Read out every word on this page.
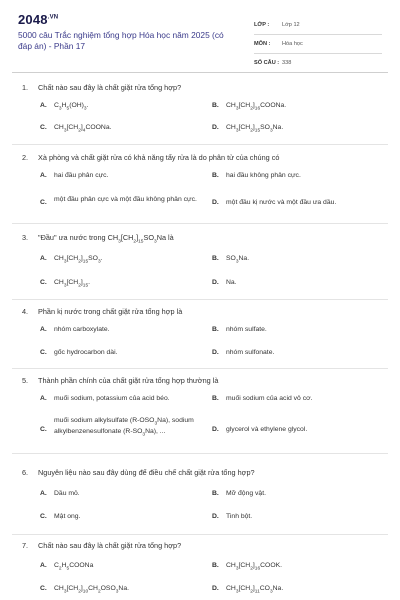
$2048^{.VN}$
5000 câu Trắc nghiệm tổng hợp Hóa học năm 2025 (có đáp án) - Phần 17
LỚP :	Lớp 12
MÔN :	Hóa học
SỐ CÂU : 338
1. Chất nào sau đây là chất giặt rửa tổng hợp?
A.	$C_3H_5(OH)_3$.	B.	$CH_3[CH_2]_{16}COONa$.
C.	$CH_3[CH_2]_4COONa$.	D.	$CH_3[CH_2]_{15}SO_3Na$.
2. Xà phòng và chất giặt rửa có khả năng tẩy rửa là do phân tử của chúng có
A.	hai đầu phân cực.	B.	hai đầu không phân cực.
C.	một đầu phân cực và một đầu không phân cực.	D.	một đầu kị nước và một đầu ưa dầu.
3. "Đầu" ưa nước trong $CH_3[CH_2]_{15}SO_3Na$ là
A.	$CH_3[CH_2]_{15}SO_3$.	B.	$SO_3Na$.
C.	$CH_3[CH_2]_{15}$.	D.	Na.
4. Phần kị nước trong chất giặt rửa tổng hợp là
A.	nhóm carboxylate.	B.	nhóm sulfate.
C.	gốc hydrocarbon dài.	D.	nhóm sulfonate.
5. Thành phần chính của chất giặt rửa tổng hợp thường là
A.	muối sodium, potassium của acid béo.	B.	muối sodium của acid vô cơ.
C.
muối sodium alkylsulfate $(R-OSO_3Na)$, sodium alkylbenzenesulfonate $(R-SO_3Na)$, ...	D.	glycerol và ethylene glycol.
6. Nguyên liệu nào sau đây dùng để điều chế chất giặt rửa tổng hợp?
A.	Dầu mỏ.	B.	Mỡ động vật.
C.	Mật ong.	D.	Tinh bột.
7. Chất nào sau đây là chất giặt rửa tổng hợp?
A.	$C_2H_5COONa$	B.	$CH_3[CH_2]_{16}COOK$.
C.	$CH_3[CH_2]_{10}CH_2OSO_3Na$.	D.	$CH_3[CH_2]_{11}CO_3Na$.
